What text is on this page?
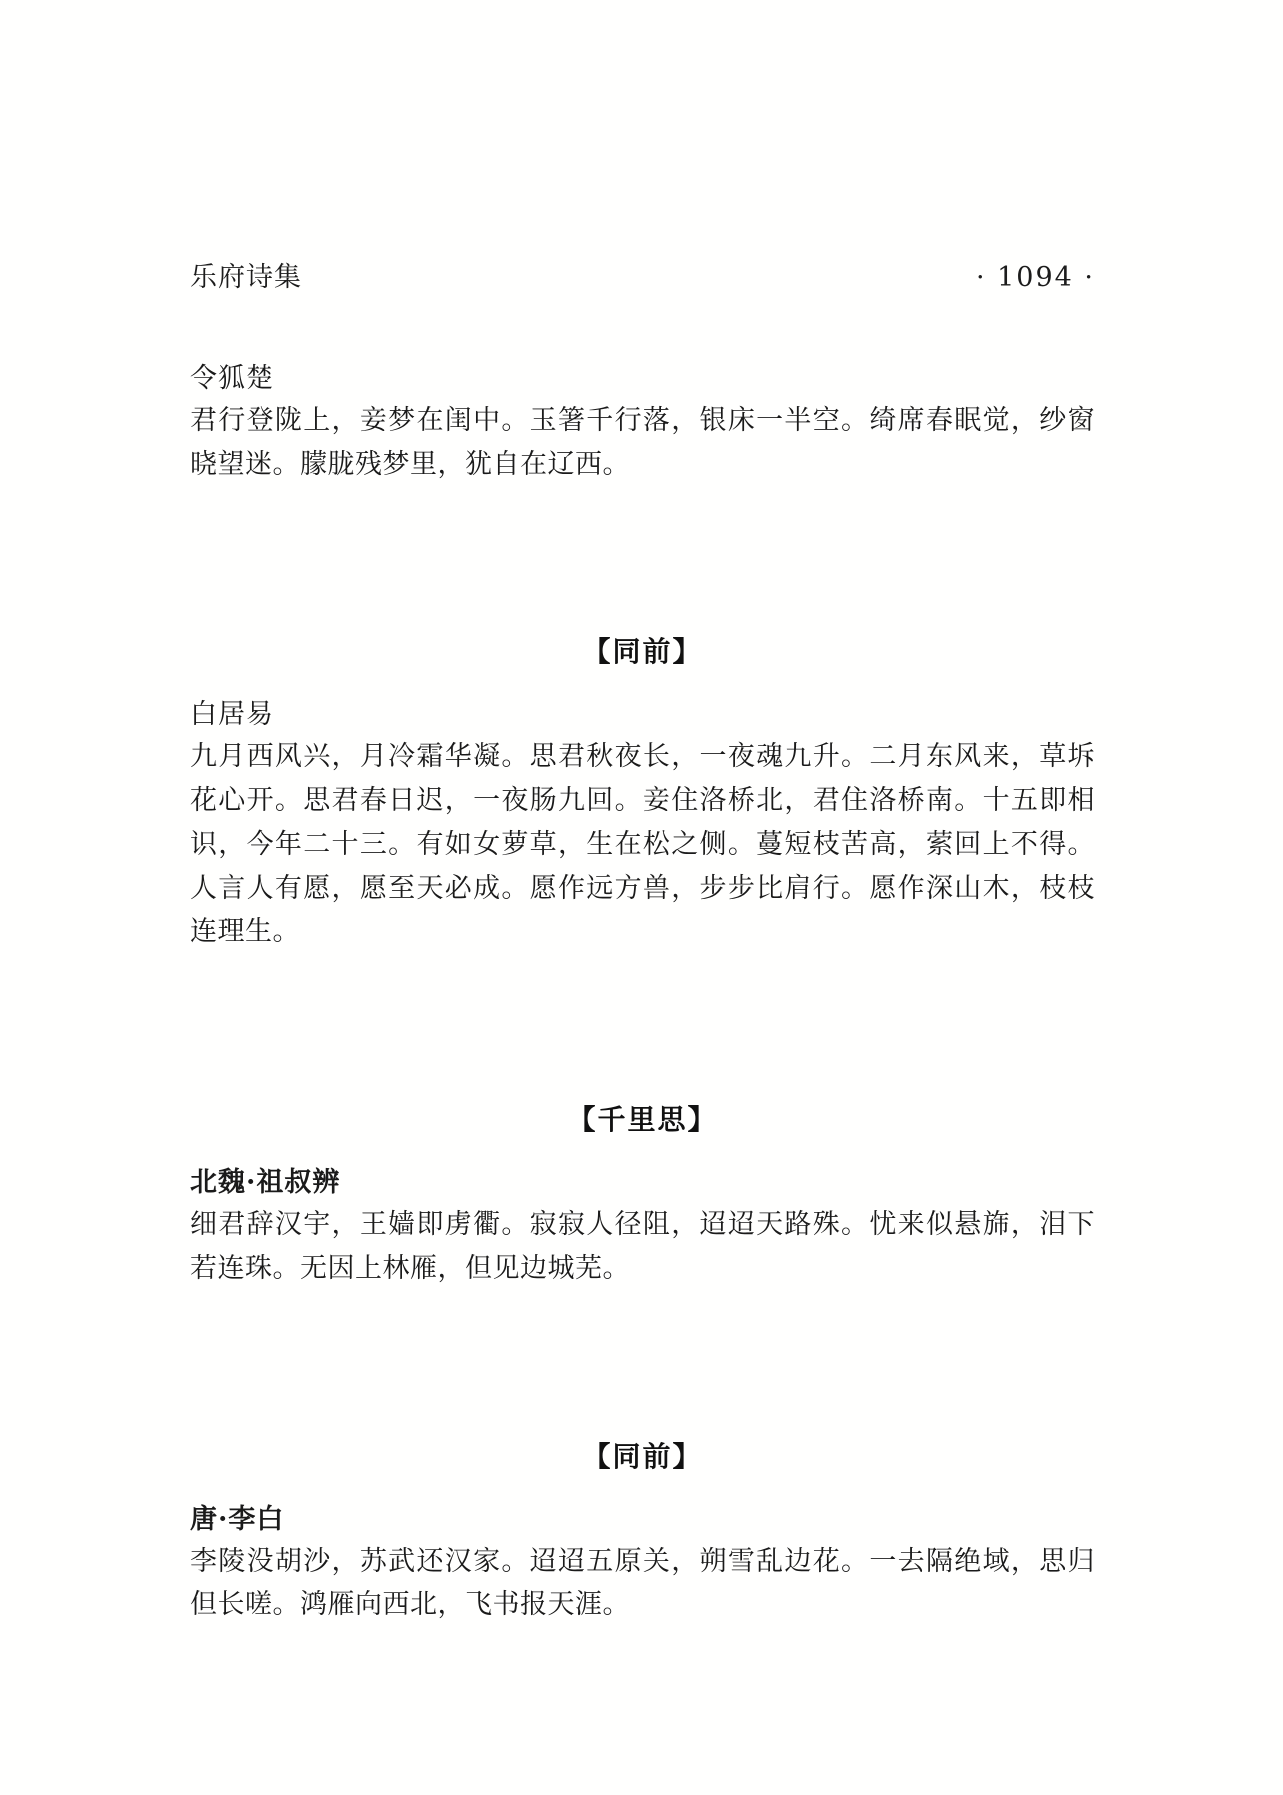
乐府诗集	· 1094 ·
令狐楚
君行登陇上，妾梦在闺中。玉箸千行落，银床一半空。绮席春眠觉，纱窗晓望迷。朦胧残梦里，犹自在辽西。
【同前】
白居易
九月西风兴，月冷霜华凝。思君秋夜长，一夜魂九升。二月东风来，草坼花心开。思君春日迟，一夜肠九回。妾住洛桥北，君住洛桥南。十五即相识，今年二十三。有如女萝草，生在松之侧。蔓短枝苦高，萦回上不得。人言人有愿，愿至天必成。愿作远方兽，步步比肩行。愿作深山木，枝枝连理生。
【千里思】
北魏·祖叔辨
细君辞汉宇，王嫱即虏衢。寂寂人径阻，迢迢天路殊。忧来似悬旆，泪下若连珠。无因上林雁，但见边城芜。
【同前】
唐·李白
李陵没胡沙，苏武还汉家。迢迢五原关，朔雪乱边花。一去隔绝域，思归但长嗟。鸿雁向西北，飞书报天涯。
